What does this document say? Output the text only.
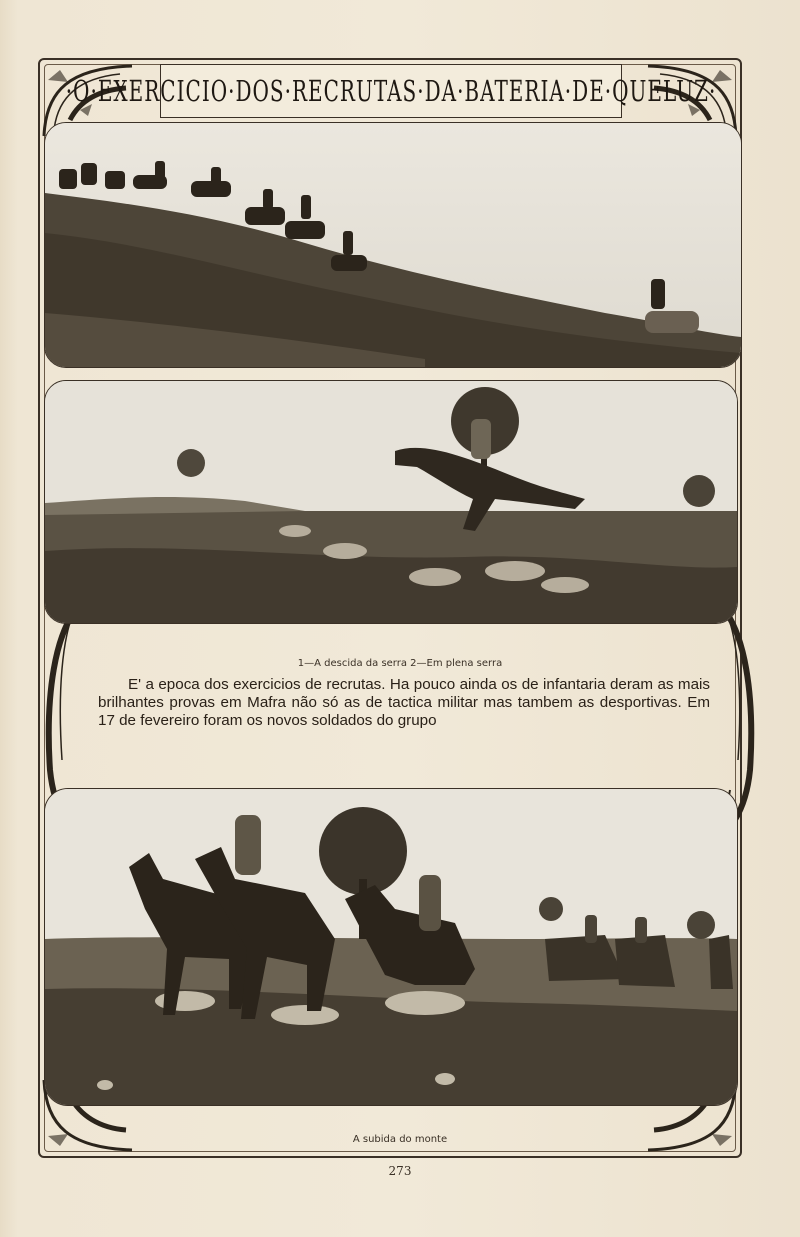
·O·EXERCICIO·DOS·RECRUTAS·DA·BATERIA·DE·QUELUZ·
1—A descida da serra 2—Em plena serra

E' a epoca dos exercicios de recrutas. Ha pouco ainda os de infantaria deram as mais brilhantes provas em Mafra não só as de tactica militar mas tambem as desportivas. Em 17 de fevereiro foram os novos soldados do grupo

A subida do monte
273
